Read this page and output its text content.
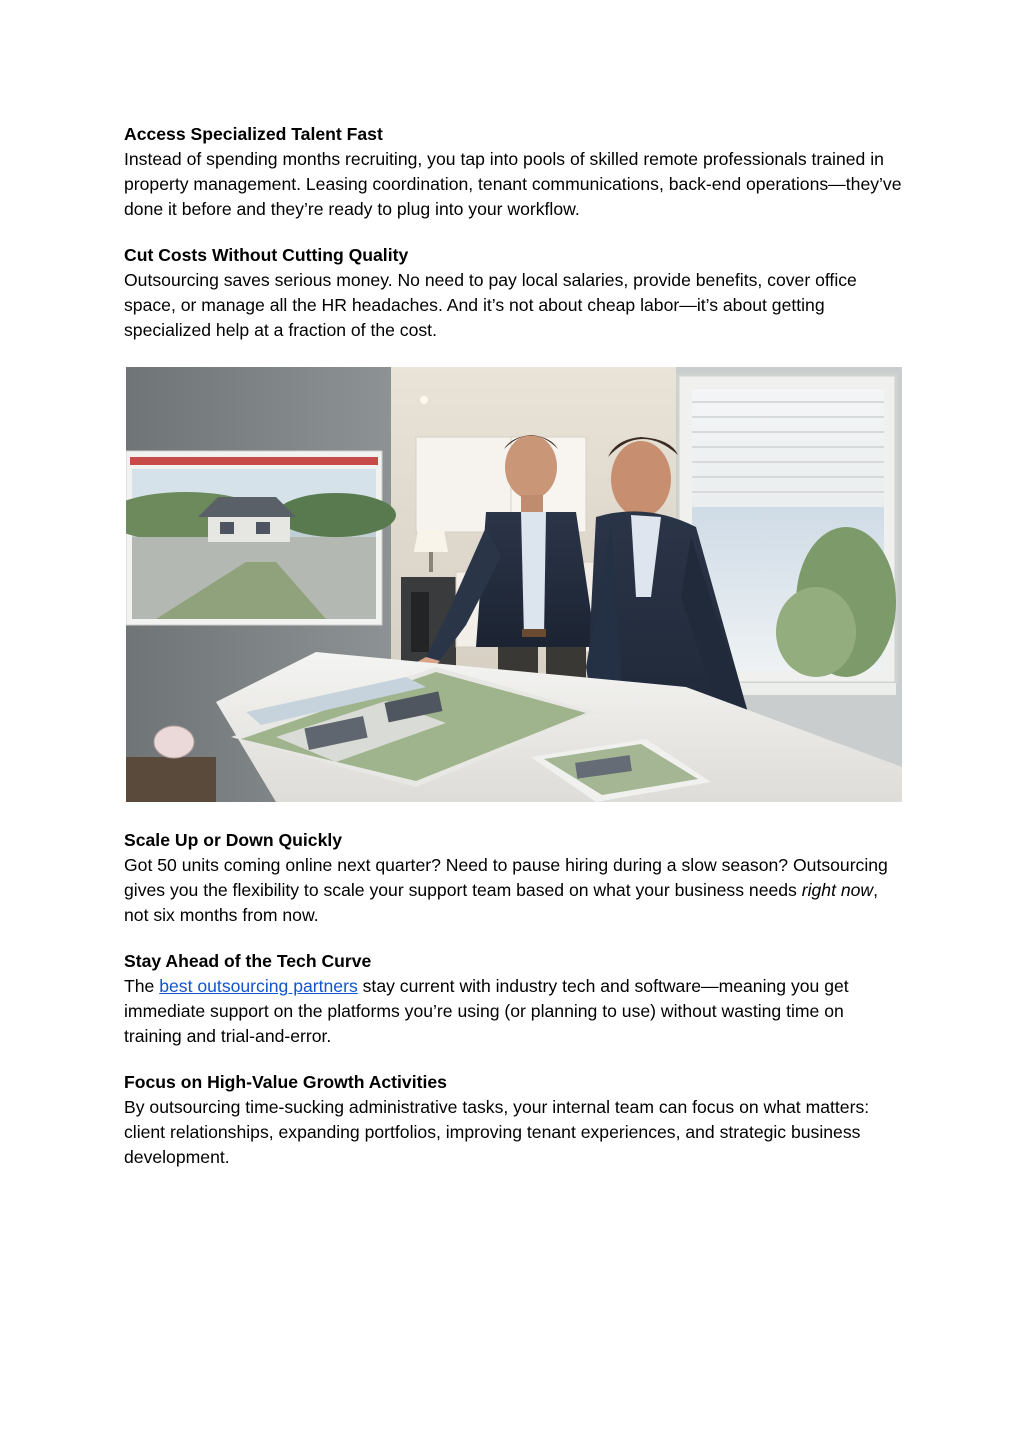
Access Specialized Talent Fast
Instead of spending months recruiting, you tap into pools of skilled remote professionals trained in property management. Leasing coordination, tenant communications, back-end operations—they’ve done it before and they’re ready to plug into your workflow.

Cut Costs Without Cutting Quality
Outsourcing saves serious money. No need to pay local salaries, provide benefits, cover office space, or manage all the HR headaches. And it’s not about cheap labor—it’s about getting specialized help at a fraction of the cost.

Scale Up or Down Quickly
Got 50 units coming online next quarter? Need to pause hiring during a slow season? Outsourcing gives you the flexibility to scale your support team based on what your business needs right now, not six months from now.

Stay Ahead of the Tech Curve
The best outsourcing partners stay current with industry tech and software—meaning you get immediate support on the platforms you’re using (or planning to use) without wasting time on training and trial-and-error.

Focus on High-Value Growth Activities
By outsourcing time-sucking administrative tasks, your internal team can focus on what matters: client relationships, expanding portfolios, improving tenant experiences, and strategic business development.
